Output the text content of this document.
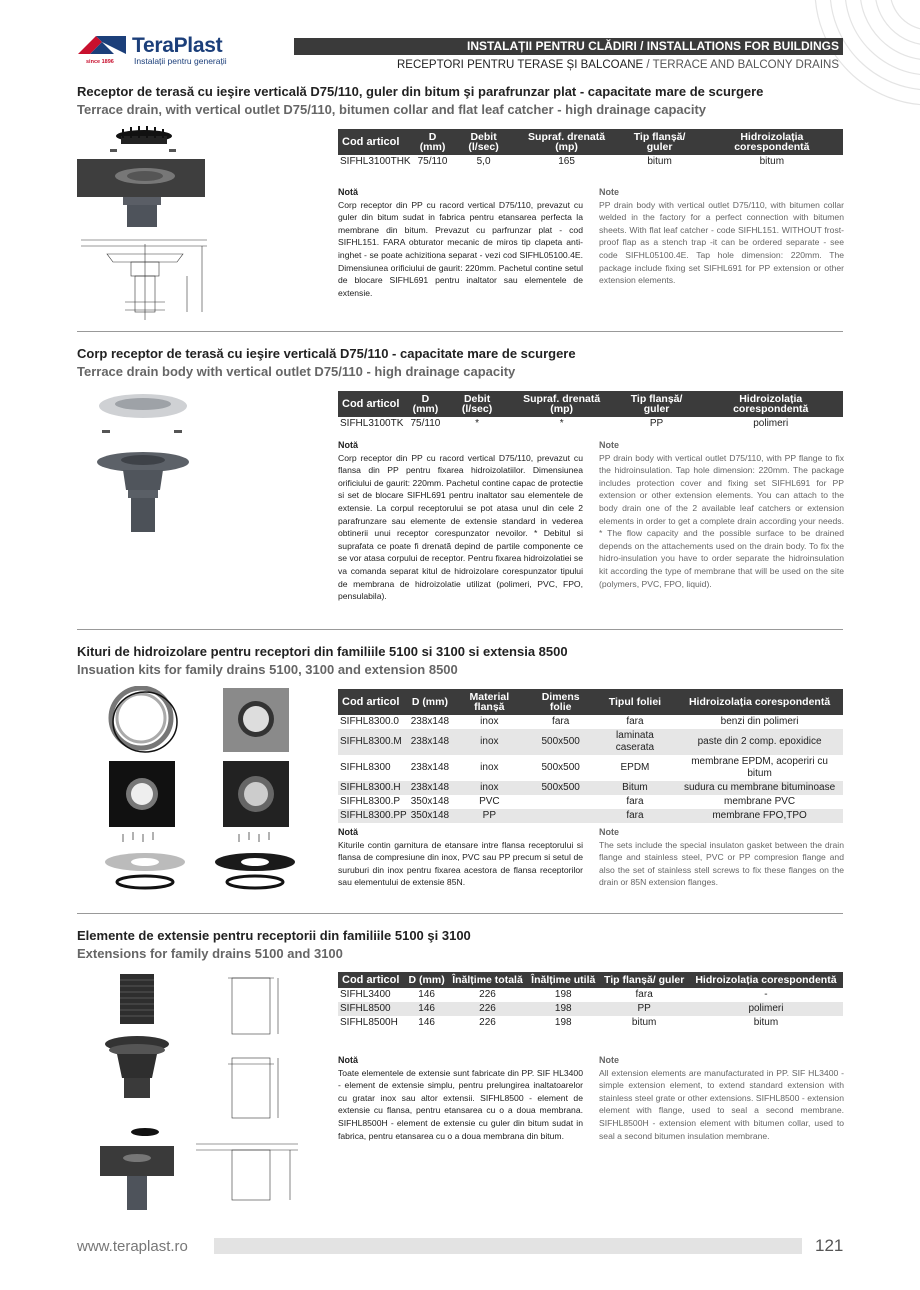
TeraPlast
Instalații pentru generații
since 1896
INSTALAȚII PENTRU CLĂDIRI / INSTALLATIONS FOR BUILDINGS
RECEPTORI PENTRU TERASE ȘI BALCOANE / TERRACE AND BALCONY DRAINS
Receptor de terasă cu ieşire verticală D75/110, guler din bitum şi parafrunzar plat - capacitate mare de scurgere
Terrace drain, with vertical outlet D75/110, bitumen collar and flat leaf catcher - high drainage capacity
Cod articol	D (mm)	Debit (l/sec)	Supraf. drenată (mp)	Tip flanșă/ guler	Hidroizolația corespondentă
SIFHL3100THK	75/110	5,0	165	bitum	bitum
Notă
Corp receptor din PP cu racord vertical D75/110, prevazut cu guler din bitum sudat in fabrica pentru etansarea perfecta la membrane din bitum. Prevazut cu parfrunzar plat - cod SIFHL151. FARA obturator mecanic de miros tip clapeta anti-inghet - se poate achizitiona separat - vezi cod SIFHL05100.4E. Dimensiunea orificiului de gaurit: 220mm. Pachetul contine setul de blocare SIFHL691 pentru inaltator sau elementele de extensie.
Note
PP drain body with vertical outlet D75/110, with bitumen collar welded in the factory for a perfect connection with bitumen sheets. With flat leaf catcher - code SIFHL151. WITHOUT frost-proof flap as a stench trap -it can be ordered separate - see code SIFHL05100.4E. Tap hole dimension: 220mm. The package include fixing set SIFHL691 for PP extension or other extension elements.
Corp receptor de terasă cu ieşire verticală D75/110 - capacitate mare de scurgere
Terrace drain body with vertical outlet D75/110 - high drainage capacity
Cod articol	D (mm)	Debit (l/sec)	Supraf. drenată (mp)	Tip flanșă/ guler	Hidroizolația corespondentă
SIFHL3100TK	75/110	*	*	PP	polimeri
Notă
Corp receptor din PP cu racord vertical D75/110, prevazut cu flansa din PP pentru fixarea hidroizolatiilor. Dimensiunea orificiului de gaurit: 220mm. Pachetul contine capac de protectie si set de blocare SIFHL691 pentru inaltator sau elementele de extensie. La corpul receptorului se pot atasa unul din cele 2 parafrunzare sau elemente de extensie standard in vederea obtinerii unui receptor corespunzator nevoilor. * Debitul si suprafata ce poate fi drenată depind de partile componente ce se vor atasa corpului de receptor. Pentru fixarea hidroizolatiei se va comanda separat kitul de hidroizolare corespunzator tipului de membrana de hidroizolatie utilizat (polimeri, PVC, FPO, pensulabila).
Note
PP drain body with vertical outlet D75/110, with PP flange to fix the hidroinsulation. Tap hole dimension: 220mm. The package includes protection cover and fixing set SIFHL691 for PP extension or other extension elements. You can attach to the body drain one of the 2 available leaf catchers or extension elements in order to get a complete drain according your needs. * The flow capacity and the possible surface to be drained depends on the attachements used on the drain body. To fix the hidro-insulation you have to order separate the hidroinsulation kit according the type of membrane that will be used on the site (polymers, PVC, FPO, liquid).
Kituri de hidroizolare pentru receptori din familiile 5100 si 3100 si extensia 8500
Insuation kits for family drains 5100, 3100 and extension 8500
Cod articol	D (mm)	Material flanșă	Dimens folie	Tipul foliei	Hidroizolația corespondentă
SIFHL8300.0	238x148	inox	fara	fara	benzi din polimeri
SIFHL8300.M	238x148	inox	500x500	laminata caserata	paste din 2 comp. epoxidice
SIFHL8300	238x148	inox	500x500	EPDM	membrane EPDM, acoperiri cu bitum
SIFHL8300.H	238x148	inox	500x500	Bitum	sudura cu membrane bituminoase
SIFHL8300.P	350x148	PVC		fara	membrane PVC
SIFHL8300.PP	350x148	PP		fara	membrane FPO,TPO
Notă
Kiturile contin garnitura de etansare intre flansa receptorului si flansa de compresiune din inox, PVC sau PP precum si setul de suruburi din inox pentru fixarea acestora de flansa receptorilor sau elementului de extensie 85N.
Note
The sets include the special insulaton gasket between the drain flange and stainless steel, PVC or PP compresion flange and also the set of stainless stell screws to fix these flanges on the drain or 85N extension flanges.
Elemente de extensie pentru receptorii din familiile 5100 şi 3100
Extensions for family drains 5100 and 3100
Cod articol	D (mm)	Înălțime totală	Înălțime utilă	Tip flanșă/ guler	Hidroizolația corespondentă
SIFHL3400	146	226	198	fara	-
SIFHL8500	146	226	198	PP	polimeri
SIFHL8500H	146	226	198	bitum	bitum
Notă
Toate elementele de extensie sunt fabricate din PP. SIF HL3400 - element de extensie simplu, pentru prelungirea inaltatoarelor cu gratar inox sau altor extensii. SIFHL8500 - element de extensie cu flansa, pentru etansarea cu o a doua membrana. SIFHL8500H - element de extensie cu guler din bitum sudat in fabrica, pentru etansarea cu o a doua membrana din bitum.
Note
All extension elements are manufacturated in PP. SIF HL3400 - simple extension element, to extend standard extension with stainless steel grate or other extensions. SIFHL8500 - extension element with flange, used to seal a second membrane. SIFHL8500H - extension element with bitumen collar, used to seal a second bitumen insulation membrane.
www.teraplast.ro	121
